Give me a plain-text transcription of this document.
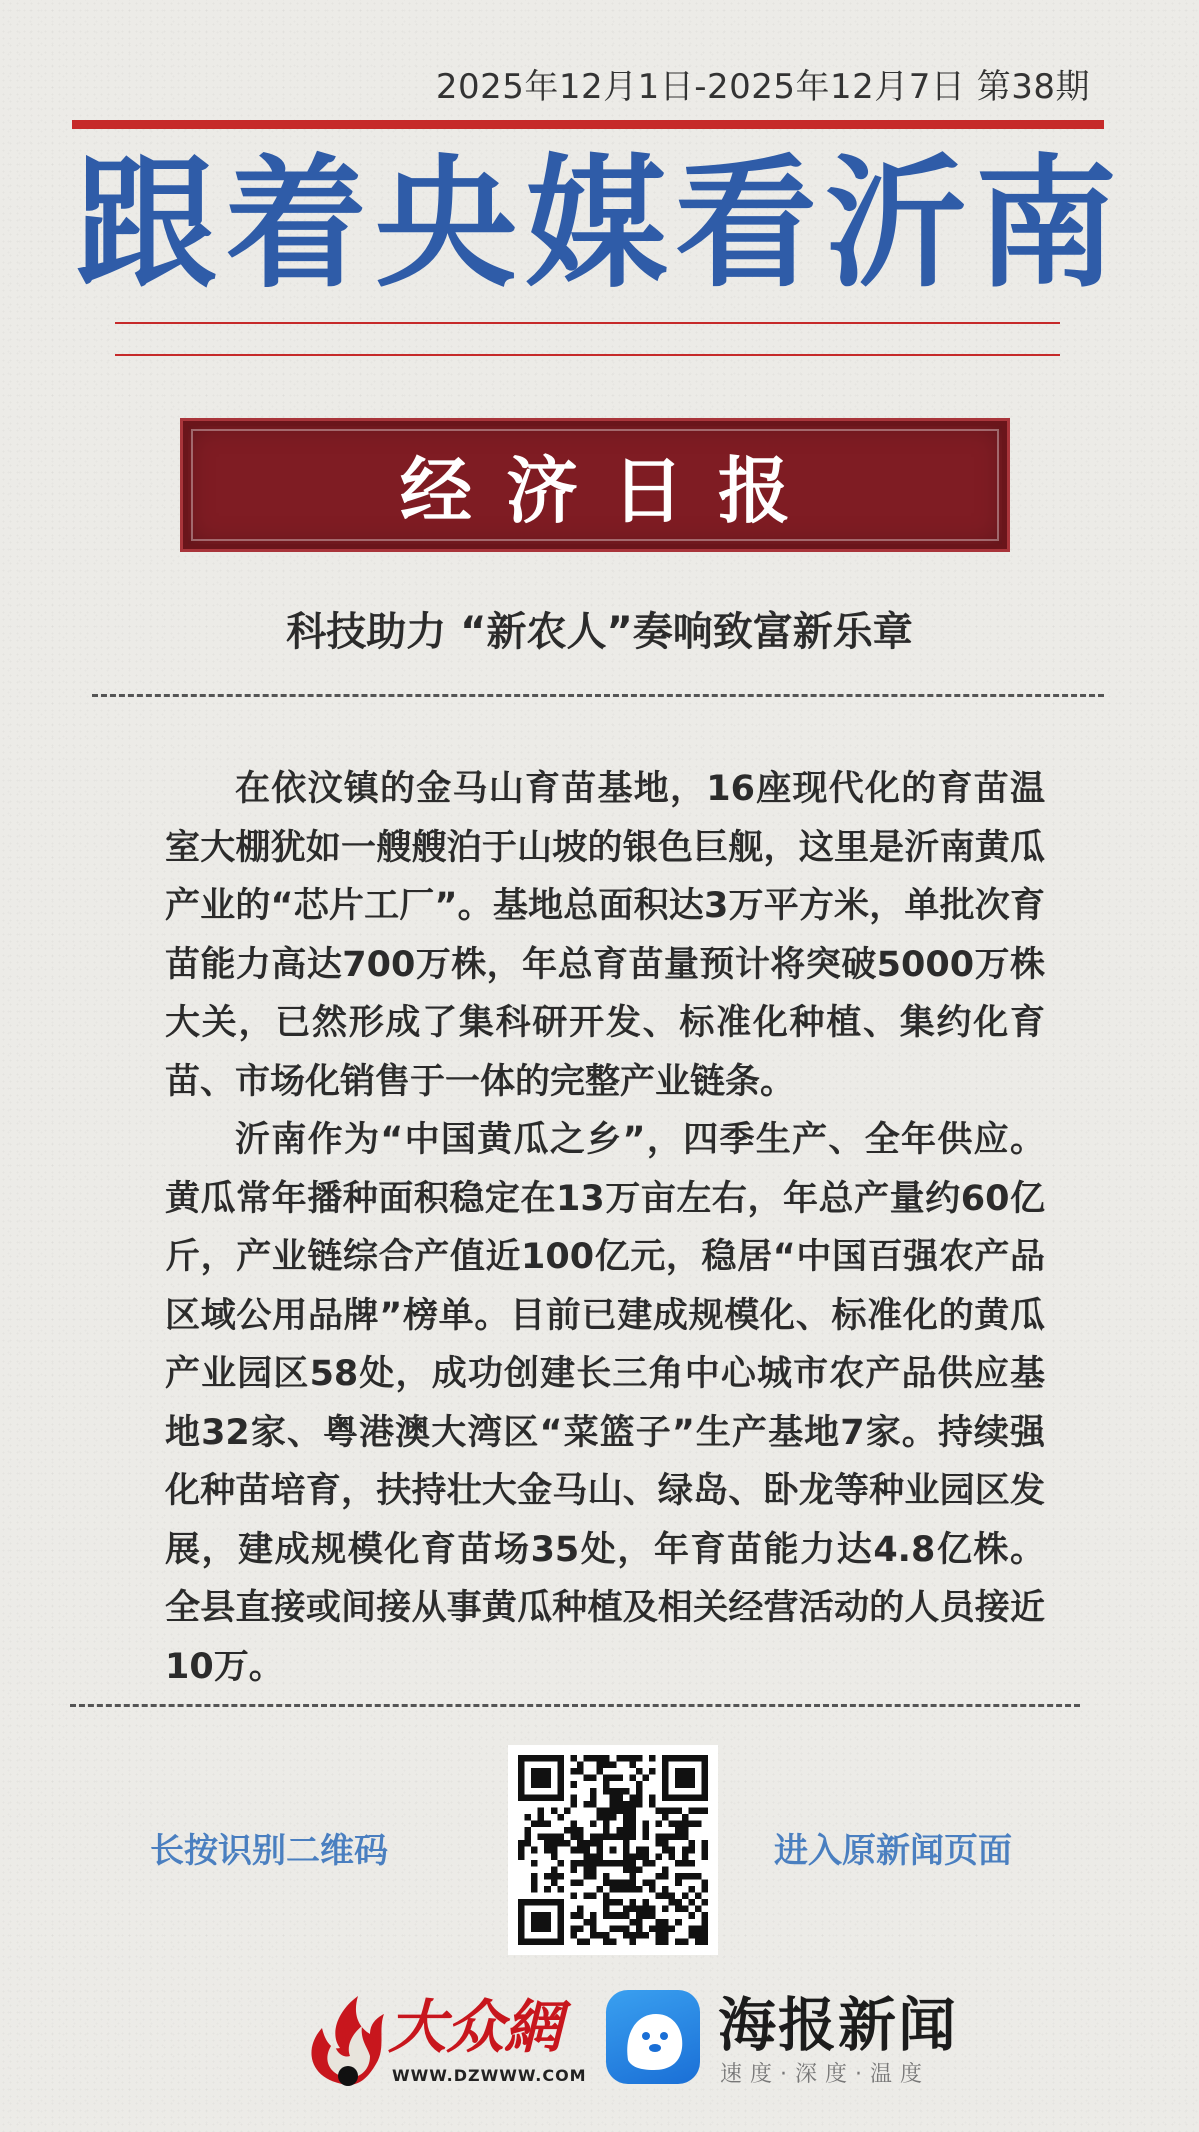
2025年12月1日-2025年12月7日 第38期
跟着央媒看沂南
经济日报
科技助力 “新农人”奏响致富新乐章

在依汶镇的金马山育苗基地，16座现代化的育苗温室大棚犹如一艘艘泊于山坡的银色巨舰，这里是沂南黄瓜产业的“芯片工厂”。基地总面积达3万平方米，单批次育苗能力高达700万株，年总育苗量预计将突破5000万株大关，已然形成了集科研开发、标准化种植、集约化育苗、市场化销售于一体的完整产业链条。

沂南作为“中国黄瓜之乡”，四季生产、全年供应。黄瓜常年播种面积稳定在13万亩左右，年总产量约60亿斤，产业链综合产值近100亿元，稳居“中国百强农产品区域公用品牌”榜单。目前已建成规模化、标准化的黄瓜产业园区58处，成功创建长三角中心城市农产品供应基地32家、粤港澳大湾区“菜篮子”生产基地7家。持续强化种苗培育，扶持壮大金马山、绿岛、卧龙等种业园区发展，建成规模化育苗场35处，年育苗能力达4.8亿株。全县直接或间接从事黄瓜种植及相关经营活动的人员接近10万。

长按识别二维码	进入原新闻页面
大众網
WWW.DZWWW.COM
海报新闻
速度·深度·温度
